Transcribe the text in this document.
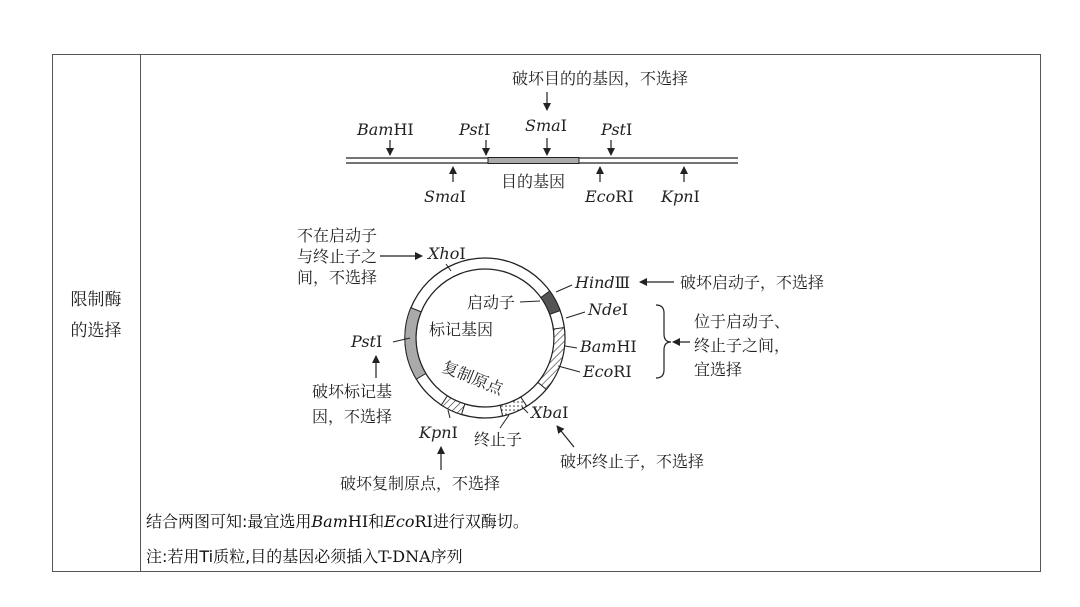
限制酶
的选择
破坏目的的基因，不选择
BamHⅠ	PstⅠ SmaⅠ PstⅠ
目的基因
SmaⅠ	EcoRⅠ KpnⅠ
启动子
标记基因
复制原点
不在启动子
与终止子之
间，不选择
XhoⅠ
HindⅢ	破坏启动子，不选择
NdeⅠ
BamHⅠ
EcoRⅠ
位于启动子、
终止子之间，
宜选择
PstⅠ
破坏标记基
因，不选择
KpnⅠ
破坏复制原点，不选择
终止子
XbaⅠ
破坏终止子，不选择
结合两图可知:最宜选用BamHI和EcoRI进行双酶切。
注:若用Ti质粒,目的基因必须插入T-DNA序列
